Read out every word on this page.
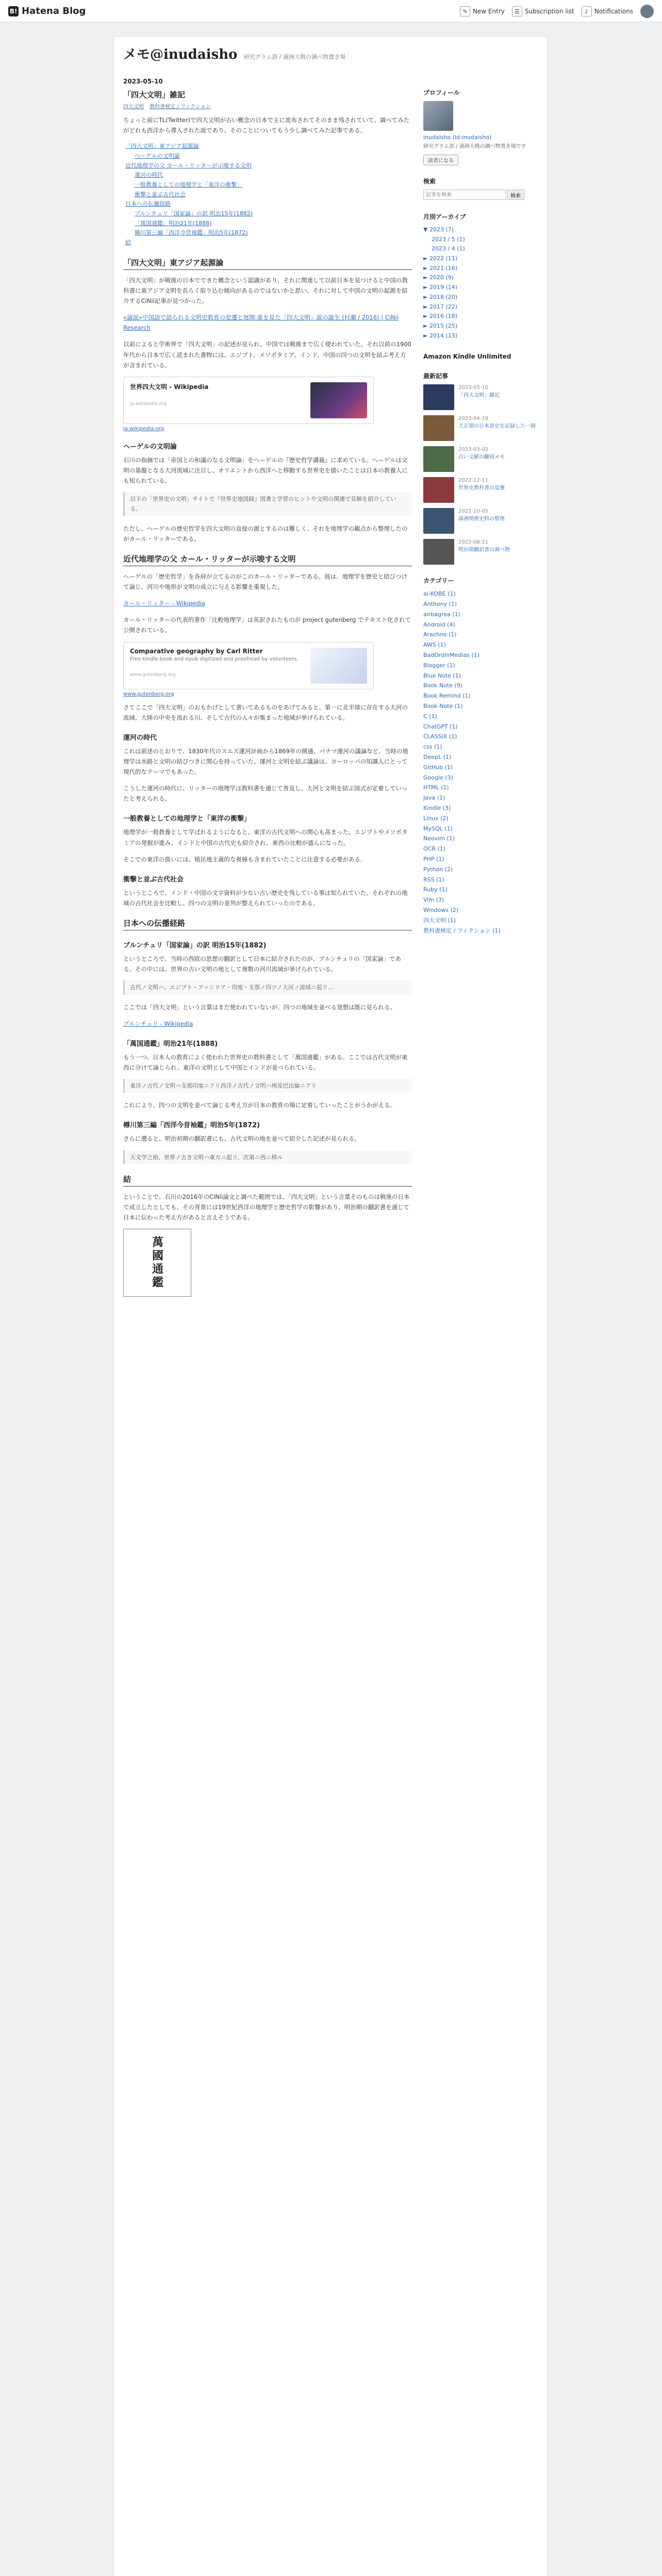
B! Hatena Blog	✎ New Entry	☰ Subscription list	♪ Notifications
メモ@inudaisho 研究グラム語 / 満洲大戦の調べ物置き場
2023-05-10
「四大文明」雑記
四大文明 教科書検定 / フィクション

ちょっと前にTL(Twitter)で四大文明が古い概念の日本で主に流布されてそのまま残されていて、調べてみたがどれも西洋から導入された説であり、そのことについてもう少し調べてみた記事である。

「四大文明」東アジア起源論
ヘーゲルの文明論
近代地理学の父 カール・リッターが示唆する文明
運河の時代
一般教養としての地理学と「東洋の衝撃」
衝撃と並ぶ古代社会
日本への伝播経路
ブルンチュリ「国家論」の訳 明治15年(1882)
「萬国通鑑」明治21年(1888)
樽川第三編「西洋今昔袖鑑」明治5年(1872)
結
「四大文明」東アジア起源論

「四大文明」が戦後の日本でできた概念という認識があり、それに関連して以前日本を見つけると中国の教科書に東アジア文明を長らく取り込む傾向があるのではないかと思い、それに対して中国の文明の起源を紹介するCiNii記事が見つかった。

«論説»中国語で語られる文明史教育の変遷と展開:重を見た「四大文明」説の誕生 (村瀬 / 2016) | CiNii Research

以前によると学術界で「四大文明」の記述が見られ、中国では戦後まで広く使われていた。それ以前の1900年代から日本で広く読まれた書物には、エジプト、メソポタミア、インド、中国の四つの文明を結ぶ考え方が含まれている。

世界四大文明 - Wikipedia
ja.wikipedia.org
ja.wikipedia.org
ヘーゲルの文明論

石川の指摘では「帝国との和議のなる文明論」をヘーゲルの『歴史哲学講義』に求めている。ヘーゲルは文明の基盤となる大河流域に注目し、オリエントから西洋へと移動する世界史を描いたことは日本の教養人にも知られている。

以下の「世界史の文明」サイトで『世界史地図録』図書と学習のヒントや文明の関連で見解を紹介している。

ただし、ヘーゲルの歴史哲学を四大文明の直接の源とするのは難しく、それを地理学の観点から整理したのがカール・リッターである。

近代地理学の父 カール・リッターが示唆する文明

ヘーゲルの「歴史哲学」を各府が立てるのがこのカール・リッターである。彼は、地理学を歴史と結びつけて論じ、河川や地形が文明の成立に与える影響を重視した。

カール・リッター - Wikipedia

カール・リッターの代表的著作「比較地理学」は英訳されたものが project gutenberg でテキスト化されて公開されている。

Comparative geography by Carl Ritter
Free kindle book and epub digitized and proofread by volunteers.
www.gutenberg.org
www.gutenberg.org

さてここで「四大文明」のおもかげとして書いてあるものをあげてみると、第一に北半球に存在する大河の流域、大陸の中央を流れる川、そして古代の人々が集まった地域が挙げられている。

運河の時代

これは前述のとおりで、1830年代のスエズ運河計画から1869年の開通、パナマ運河の議論など、当時の地理学は水路と文明の結びつきに関心を持っていた。運河と文明を結ぶ議論は、ヨーロッパの知識人にとって現代的なテーマでもあった。

こうした運河の時代に、リッターの地理学は教科書を通じて普及し、大河と文明を結ぶ図式が定着していったと考えられる。

一般教養としての地理学と「東洋の衝撃」

地理学が一般教養として学ばれるようになると、東洋の古代文明への関心も高まった。エジプトやメソポタミアの発掘が進み、インドと中国の古代史も紹介され、東西の比較が盛んになった。

そこでの東洋の扱いには、植民地主義的な視線も含まれていたことに注意する必要がある。

衝撃と並ぶ古代社会

というところで、インド・中国の文字資料が少ない古い歴史を残している事は知られていた。それぞれの地域の古代社会を比較し、四つの文明の並列が整えられていったのである。

日本への伝播経路
ブルンチュリ「国家論」の訳 明治15年(1882)

というところで、当時の西欧の思想の翻訳として日本に紹介されたのが、ブルンチュリの「国家論」である。その中には、世界の古い文明の地として複数の河川流域が挙げられている。

古代ノ文明ハ、エジプト・アッシリア・印度・支那ノ四ツノ大河ノ流域ニ起リ…

ここでは「四大文明」という言葉はまだ使われていないが、四つの地域を並べる発想は既に見られる。

ブルンチュリ - Wikipedia

「萬国通鑑」明治21年(1888)

もう一つ、日本人の教育によく使われた世界史の教科書として「萬国通鑑」がある。ここでは古代文明が東西に分けて論じられ、東洋の文明として中国とインドが並べられている。

東洋ノ古代ノ文明ハ支那印度ニアリ西洋ノ古代ノ文明ハ埃及巴比倫ニアリ

これにより、四つの文明を並べて論じる考え方が日本の教育の場に定着していったことがうかがえる。

樽川第三編「西洋今昔袖鑑」明治5年(1872)

さらに遡ると、明治初期の翻訳書にも、古代文明の地を並べて紹介した記述が見られる。

天文学之始、世界ノ古き文明ハ東方ニ起リ、次第ニ西ニ移ル

結

ということで、石川の2016年のCiNii論文と調べた範囲では、「四大文明」という言葉そのものは戦後の日本で成立したとしても、その背景には19世紀西洋の地理学と歴史哲学の影響があり、明治期の翻訳書を通じて日本に伝わった考え方があると言えそうである。

萬國通鑑
プロフィール
inudaisho (id:inudaisho)
研究グラム語 / 満洲大戦の調べ物置き場です
読者になる
検索
記事を検索
検索
月別アーカイブ
▼ 2023 (7)
2023 / 5 (1)
2023 / 4 (1)
► 2022 (11)
► 2021 (16)
► 2020 (9)
► 2019 (14)
► 2018 (20)
► 2017 (22)
► 2016 (18)
► 2015 (25)
► 2014 (13)
Amazon Kindle Unlimited
最新記事
2023-05-10
「四大文明」雑記
2023-04-19
大正期の日本語史を記録した一冊
2023-03-02
古い文献の翻刻メモ
2022-12-11
世界史教科書の変遷
2022-10-05
満洲関係史料の整理
2022-08-21
明治期翻訳書の調べ物
カテゴリー
ai-KOBE (1)
Anthony (1)
airbagrea (1)
Android (4)
Arachno (1)
AWS (1)
BadOrdinMedias (1)
Blogger (1)
Blue Note (1)
Book Note (9)
Book Remind (1)
Book-Note (1)
C (1)
ChatGPT (1)
CLASSIX (1)
css (1)
DeepL (1)
GitHub (1)
Google (3)
HTML (1)
Java (1)
Kindle (3)
Linux (2)
MySQL (1)
Neovim (1)
OCR (1)
PHP (1)
Python (2)
RSS (1)
Ruby (1)
Vim (3)
Windows (2)
四大文明 (1)
教科書検定 / フィクション (1)
